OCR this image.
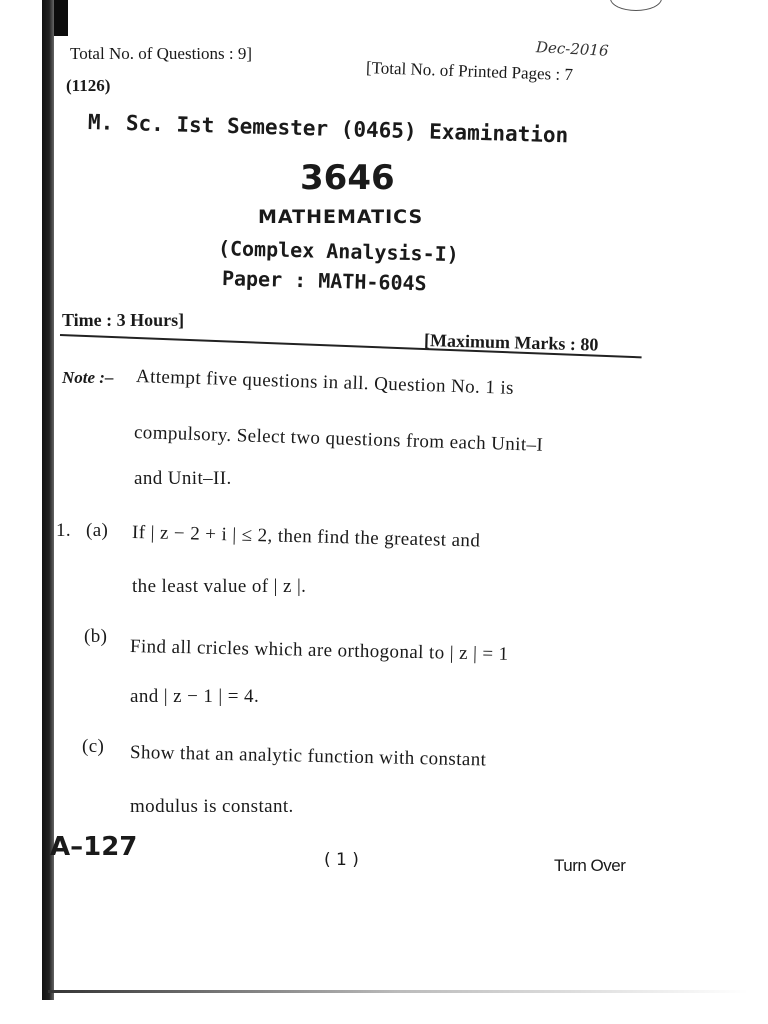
Total No. of Questions : 9]
(1126)
Dec-2016
[Total No. of Printed Pages : 7
M. Sc. Ist Semester (0465) Examination
3646
MATHEMATICS
(Complex Analysis-I)
Paper : MATH-604S
Time : 3 Hours]
[Maximum Marks : 80
Note :– Attempt five questions in all. Question No. 1 is
compulsory. Select two questions from each Unit–I
and Unit–II.
1. (a) If | z − 2 + i | ≤ 2, then find the greatest and
the least value of | z |.
(b) Find all cricles which are orthogonal to | z | = 1
and | z − 1 | = 4.
(c) Show that an analytic function with constant
modulus is constant.
A–127	( 1 )	Turn Over
